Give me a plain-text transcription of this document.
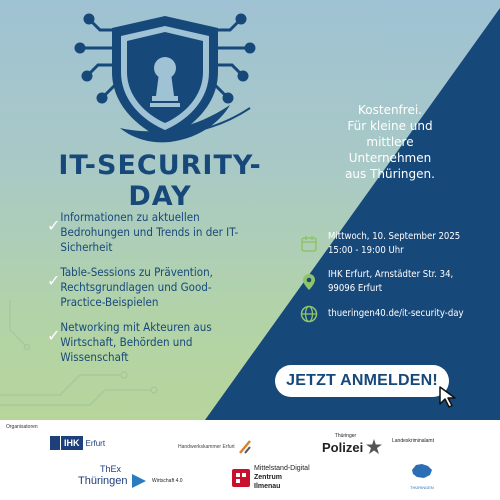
IT-SECURITY-DAY
✓ Informationen zu aktuellen Bedrohungen und Trends in der IT-Sicherheit
✓ Table-Sessions zu Prävention, Rechtsgrundlagen und Good-Practice-Beispielen
✓ Networking mit Akteuren aus Wirtschaft, Behörden und Wissenschaft
Kostenfrei.
Für kleine und
mittlere
Unternehmen
aus Thüringen.
Mittwoch, 10. September 2025
15:00 - 19:00 Uhr
IHK Erfurt, Arnstädter Str. 34,
99096 Erfurt
thueringen40.de/it-security-day
JETZT ANMELDEN!
Organisatoren
IHK Erfurt	Handwerkskammer Erfurt
Thüringer
Polizei	Landeskriminalamt
ThEx
Thüringen	Wirtschaft 4.0
Mittelstand-Digital
Zentrum
Ilmenau	THÜRINGEN
